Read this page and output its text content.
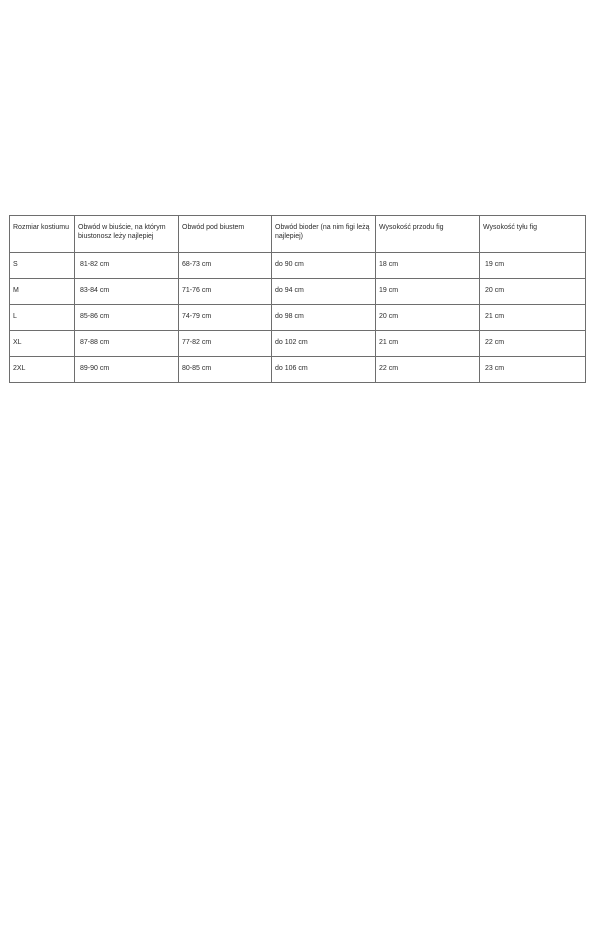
Rozmiar kostiumu	Obwód w biuście, na którym biustonosz leży najlepiej	Obwód pod biustem	Obwód bioder (na nim figi leżą najlepiej)	Wysokość przodu fig	Wysokość tyłu fig
S	81-82 cm	68-73 cm	do 90 cm	18 cm	19 cm
M	83-84 cm	71-76 cm	do 94 cm	19 cm	20 cm
L	85-86 cm	74-79 cm	do 98 cm	20 cm	21 cm
XL	87-88 cm	77-82 cm	do 102 cm	21 cm	22 cm
2XL	89-90 cm	80-85 cm	do 106 cm	22 cm	23 cm
